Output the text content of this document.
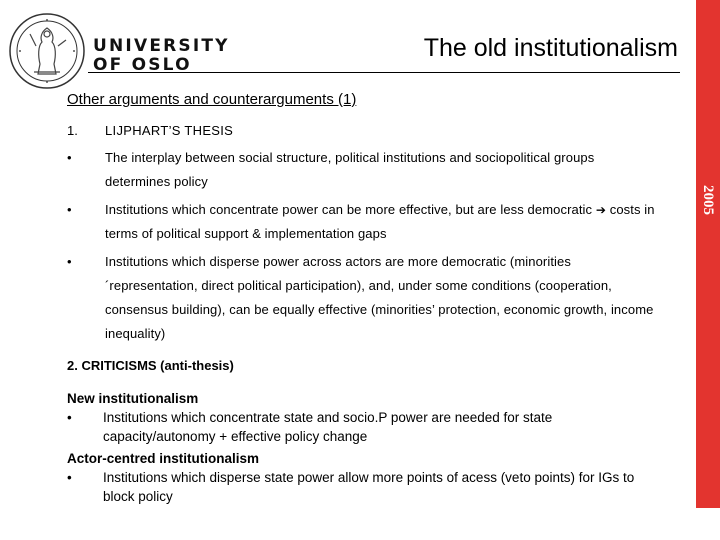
UNIVERSITY
OF OSLO
The old institutionalism
2005
Other arguments and counterarguments (1)
1. LIJPHART’S THESIS
•	The interplay between social structure, political institutions and sociopolitical groups determines policy
•	Institutions which concentrate power can be more effective, but are less democratic ➔ costs in terms of political support & implementation gaps
•	Institutions which disperse power across actors are more democratic (minorities´representation, direct political participation), and, under some conditions (cooperation, consensus building), can be equally effective (minorities’ protection, economic growth, income inequality)
2. CRITICISMS (anti-thesis)
New institutionalism
• Institutions which concentrate state and socio.P power are needed for state capacity/autonomy + effective policy change
Actor-centred institutionalism
• Institutions which disperse state power allow more points of acess (veto points) for IGs to block policy
